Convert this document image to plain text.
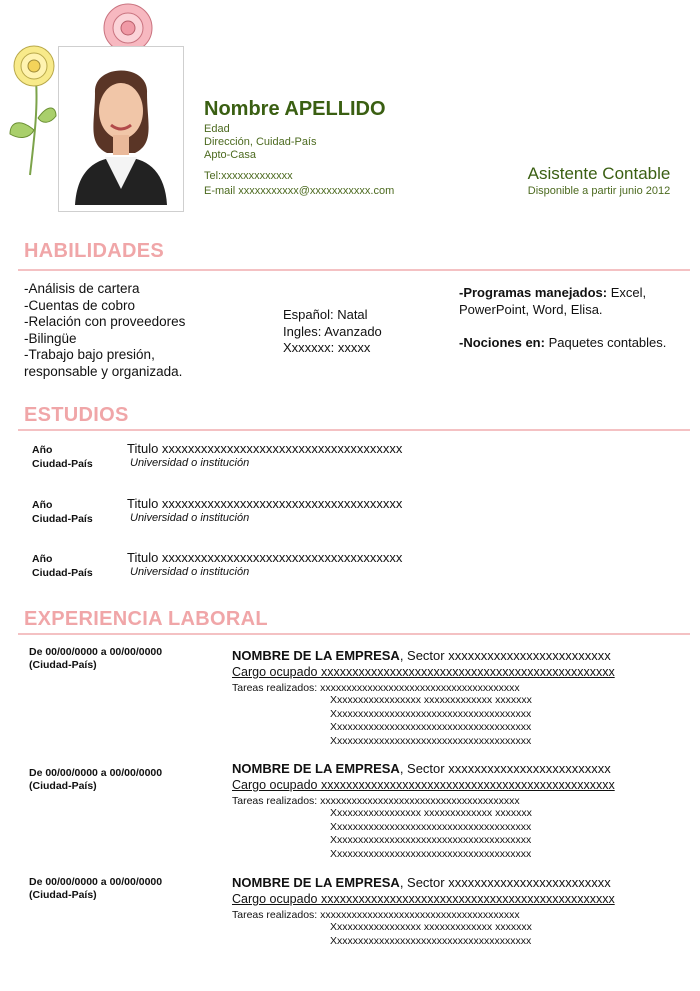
Nombre APELLIDO
Edad
Dirección, Cuidad-País
Apto-Casa
Tel:xxxxxxxxxxxxx
E-mail xxxxxxxxxxx@xxxxxxxxxxx.com
Asistente Contable
Disponible a partir junio 2012
HABILIDADES
-Análisis de cartera
-Cuentas de cobro
-Relación con proveedores
-Bilingüe
-Trabajo bajo presión,
responsable y organizada.
Español: Natal
Ingles: Avanzado
Xxxxxxx: xxxxx
-Programas manejados: Excel, PowerPoint, Word, Elisa.
-Nociones en: Paquetes contables.
ESTUDIOS
Año
Ciudad-País
Titulo xxxxxxxxxxxxxxxxxxxxxxxxxxxxxxxxxxxxx
Universidad o institución
Año
Ciudad-País
Titulo xxxxxxxxxxxxxxxxxxxxxxxxxxxxxxxxxxxxx
Universidad o institución
Año
Ciudad-País
Titulo xxxxxxxxxxxxxxxxxxxxxxxxxxxxxxxxxxxxx
Universidad o institución
EXPERIENCIA LABORAL
De 00/00/0000 a 00/00/0000
(Ciudad-País)
NOMBRE DE LA EMPRESA, Sector xxxxxxxxxxxxxxxxxxxxxxxxx
Cargo ocupado xxxxxxxxxxxxxxxxxxxxxxxxxxxxxxxxxxxxxxxxxxxxxxx
Tareas realizados: xxxxxxxxxxxxxxxxxxxxxxxxxxxxxxxxxxxxxx
Xxxxxxxxxxxxxxxxx xxxxxxxxxxxxx xxxxxxx
Xxxxxxxxxxxxxxxxxxxxxxxxxxxxxxxxxxxxxx
Xxxxxxxxxxxxxxxxxxxxxxxxxxxxxxxxxxxxxx
Xxxxxxxxxxxxxxxxxxxxxxxxxxxxxxxxxxxxxx
De 00/00/0000 a 00/00/0000
(Ciudad-País)
NOMBRE DE LA EMPRESA, Sector xxxxxxxxxxxxxxxxxxxxxxxxx
Cargo ocupado xxxxxxxxxxxxxxxxxxxxxxxxxxxxxxxxxxxxxxxxxxxxxxx
Tareas realizados: xxxxxxxxxxxxxxxxxxxxxxxxxxxxxxxxxxxxxx
Xxxxxxxxxxxxxxxxx xxxxxxxxxxxxx xxxxxxx
Xxxxxxxxxxxxxxxxxxxxxxxxxxxxxxxxxxxxxx
Xxxxxxxxxxxxxxxxxxxxxxxxxxxxxxxxxxxxxx
Xxxxxxxxxxxxxxxxxxxxxxxxxxxxxxxxxxxxxx
De 00/00/0000 a 00/00/0000
(Ciudad-País)
NOMBRE DE LA EMPRESA, Sector xxxxxxxxxxxxxxxxxxxxxxxxx
Cargo ocupado xxxxxxxxxxxxxxxxxxxxxxxxxxxxxxxxxxxxxxxxxxxxxxx
Tareas realizados: xxxxxxxxxxxxxxxxxxxxxxxxxxxxxxxxxxxxxx
Xxxxxxxxxxxxxxxxx xxxxxxxxxxxxx xxxxxxx
Xxxxxxxxxxxxxxxxxxxxxxxxxxxxxxxxxxxxxx
